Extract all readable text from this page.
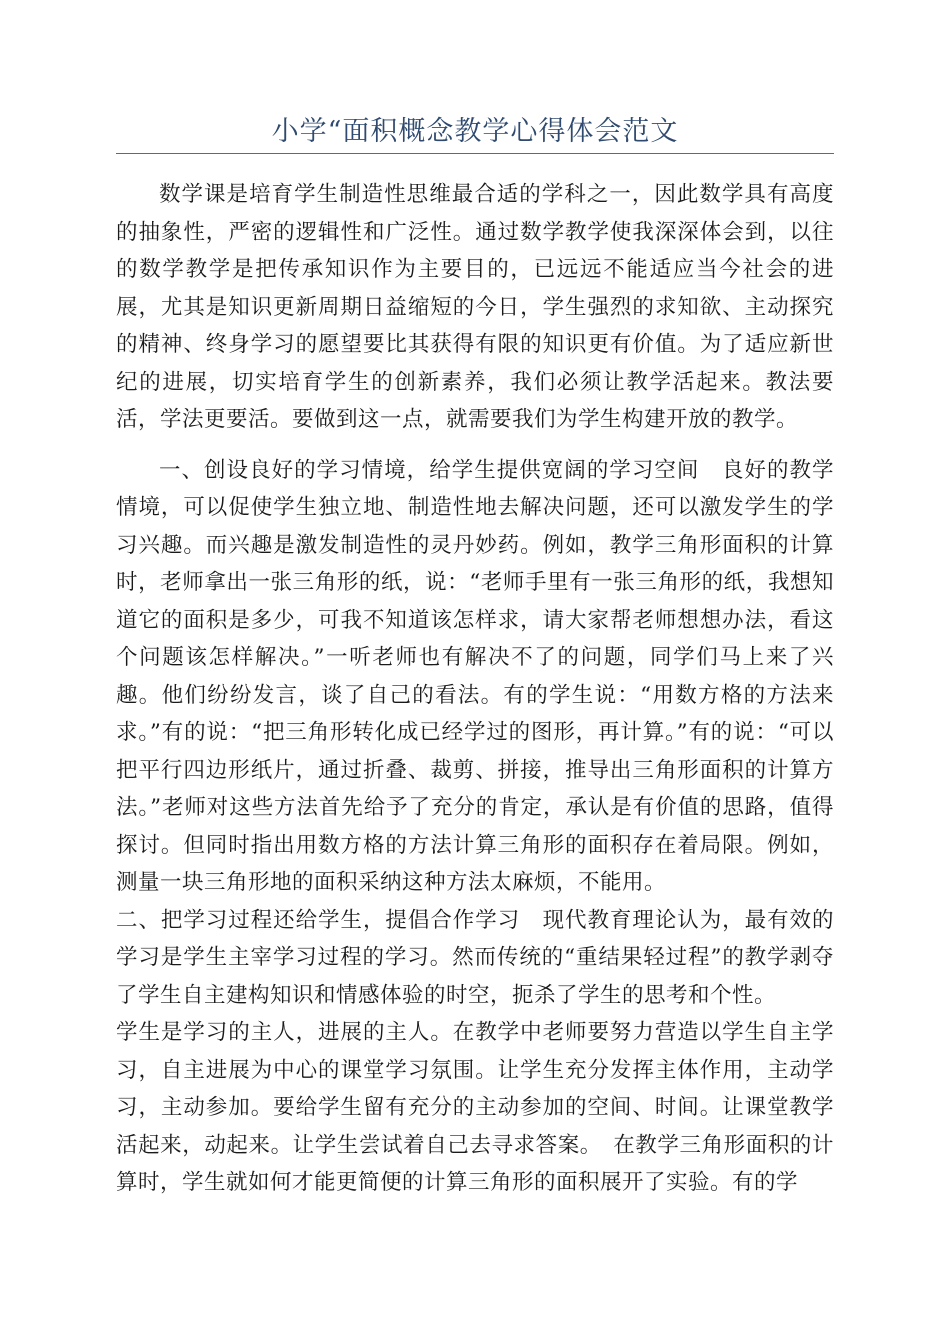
小学“面积概念教学心得体会范文

数学课是培育学生制造性思维最合适的学科之一，因此数学具有高度的抽象性，严密的逻辑性和广泛性。通过数学教学使我深深体会到，以往的数学教学是把传承知识作为主要目的，已远远不能适应当今社会的进展，尤其是知识更新周期日益缩短的今日，学生强烈的求知欲、主动探究的精神、终身学习的愿望要比其获得有限的知识更有价值。为了适应新世纪的进展，切实培育学生的创新素养，我们必须让教学活起来。教法要活，学法更要活。要做到这一点，就需要我们为学生构建开放的教学。

一、创设良好的学习情境，给学生提供宽阔的学习空间　良好的教学情境，可以促使学生独立地、制造性地去解决问题，还可以激发学生的学习兴趣。而兴趣是激发制造性的灵丹妙药。例如，教学三角形面积的计算时，老师拿出一张三角形的纸，说：“老师手里有一张三角形的纸，我想知道它的面积是多少，可我不知道该怎样求，请大家帮老师想想办法，看这个问题该怎样解决。”一听老师也有解决不了的问题，同学们马上来了兴趣。他们纷纷发言，谈了自己的看法。有的学生说：“用数方格的方法来求。”有的说：“把三角形转化成已经学过的图形，再计算。”有的说：“可以把平行四边形纸片，通过折叠、裁剪、拼接，推导出三角形面积的计算方法。”老师对这些方法首先给予了充分的肯定，承认是有价值的思路，值得探讨。但同时指出用数方格的方法计算三角形的面积存在着局限。例如，测量一块三角形地的面积采纳这种方法太麻烦，不能用。

二、把学习过程还给学生，提倡合作学习　现代教育理论认为，最有效的学习是学生主宰学习过程的学习。然而传统的“重结果轻过程”的教学剥夺了学生自主建构知识和情感体验的时空，扼杀了学生的思考和个性。

学生是学习的主人，进展的主人。在教学中老师要努力营造以学生自主学习，自主进展为中心的课堂学习氛围。让学生充分发挥主体作用，主动学习，主动参加。要给学生留有充分的主动参加的空间、时间。让课堂教学活起来，动起来。让学生尝试着自己去寻求答案。　在教学三角形面积的计算时，学生就如何才能更简便的计算三角形的面积展开了实验。有的学
